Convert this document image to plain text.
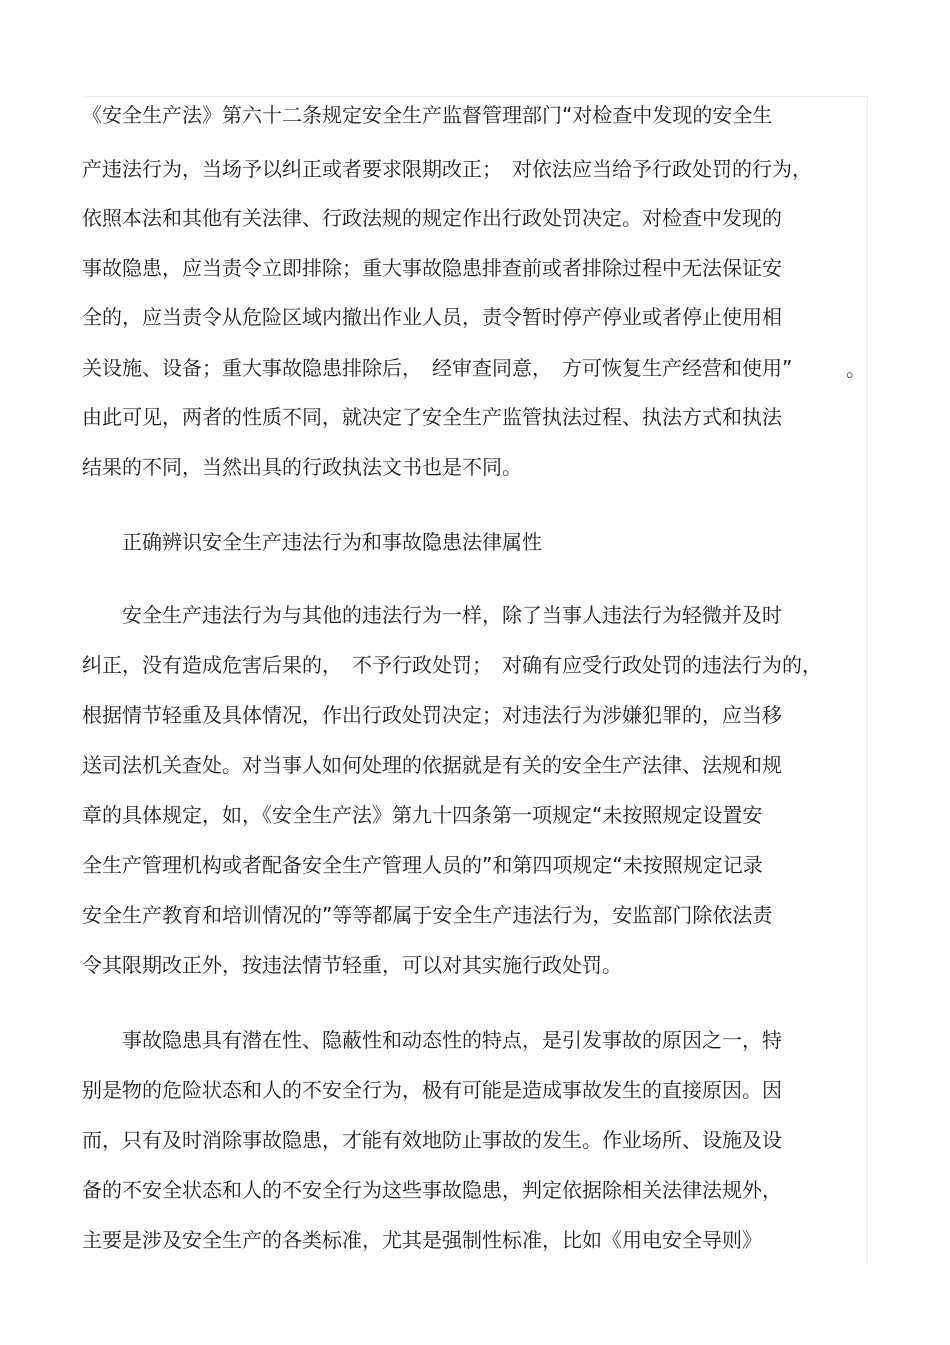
《安全生产法》第六十二条规定安全生产监督管理部门“对检查中发现的安全生
产违法行为，当场予以纠正或者要求限期改正；　对依法应当给予行政处罚的行为，
依照本法和其他有关法律、行政法规的规定作出行政处罚决定。对检查中发现的
事故隐患，应当责令立即排除；重大事故隐患排查前或者排除过程中无法保证安
全的，应当责令从危险区域内撤出作业人员，责令暂时停产停业或者停止使用相
关设施、设备；重大事故隐患排除后，　经审查同意，　方可恢复生产经营和使用”
由此可见，两者的性质不同，就决定了安全生产监管执法过程、执法方式和执法
结果的不同，当然出具的行政执法文书也是不同。
正确辨识安全生产违法行为和事故隐患法律属性
安全生产违法行为与其他的违法行为一样，除了当事人违法行为轻微并及时
纠正，没有造成危害后果的，　不予行政处罚；　对确有应受行政处罚的违法行为的，
根据情节轻重及具体情况，作出行政处罚决定；对违法行为涉嫌犯罪的，应当移
送司法机关查处。对当事人如何处理的依据就是有关的安全生产法律、法规和规
章的具体规定，如，《安全生产法》第九十四条第一项规定“未按照规定设置安
全生产管理机构或者配备安全生产管理人员的”和第四项规定“未按照规定记录
安全生产教育和培训情况的”等等都属于安全生产违法行为，安监部门除依法责
令其限期改正外，按违法情节轻重，可以对其实施行政处罚。
事故隐患具有潜在性、隐蔽性和动态性的特点，是引发事故的原因之一，特
别是物的危险状态和人的不安全行为，极有可能是造成事故发生的直接原因。因
而，只有及时消除事故隐患，才能有效地防止事故的发生。作业场所、设施及设
备的不安全状态和人的不安全行为这些事故隐患，判定依据除相关法律法规外，
主要是涉及安全生产的各类标准，尤其是强制性标准，比如《用电安全导则》
。
